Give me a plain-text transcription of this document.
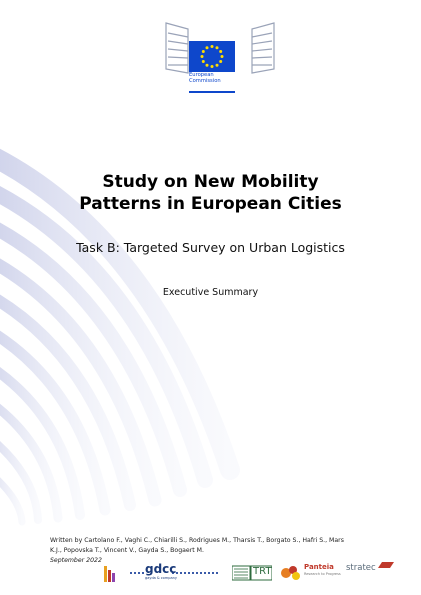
European
Commission
Study on New Mobility
Patterns in European Cities
Task B: Targeted Survey on Urban Logistics
Executive Summary
Written by Cartolano F., Vaghi C., Chiarilli S., Rodrigues M., Tharsis T., Borgato S., Hafri S., Mars
K.J., Popovska T., Vincent V., Gayda S., Bogaert M.
September 2022
gdcc
gayda & company
TRT	Panteia
Research to Progress
stratec
